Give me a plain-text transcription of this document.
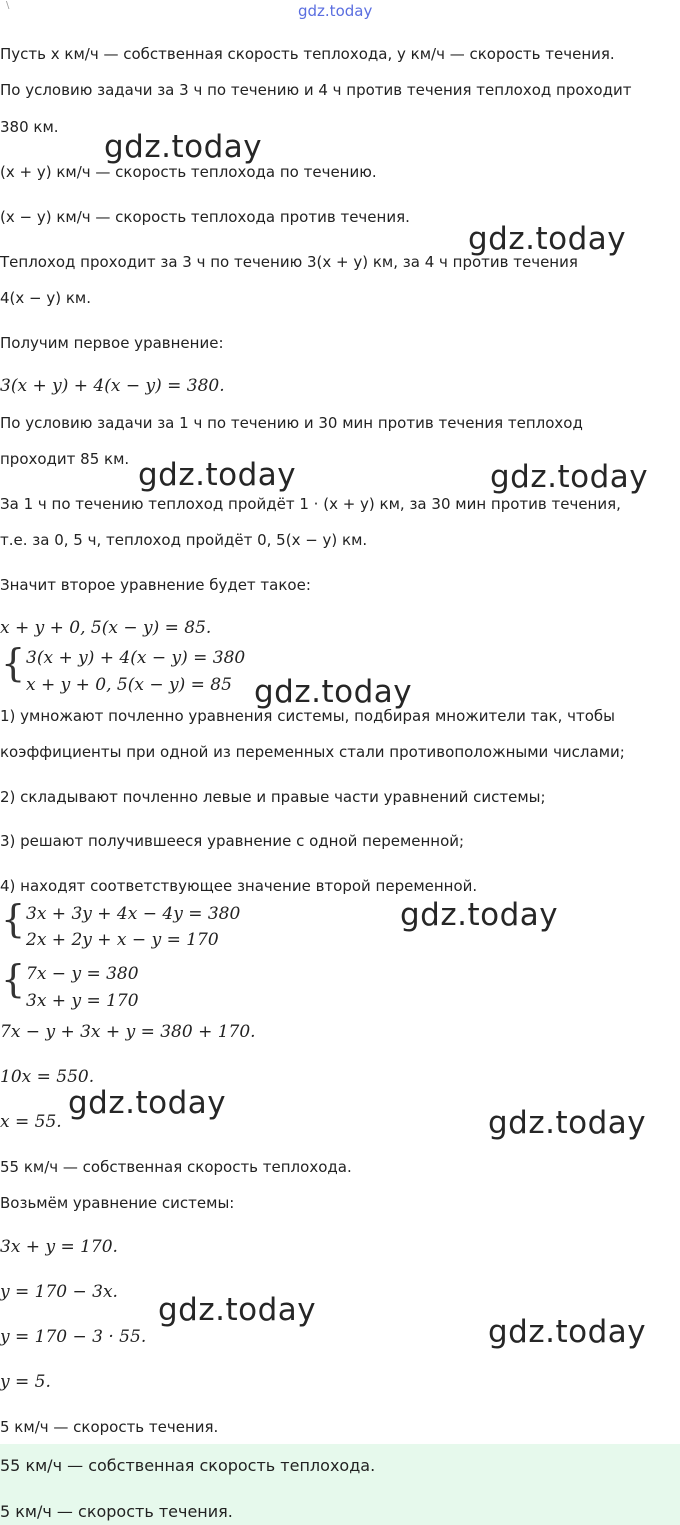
\	gdz.today
Пусть x км/ч — собственная скорость теплохода, y км/ч — скорость течения.
По условию задачи за 3 ч по течению и 4 ч против течения теплоход проходит
380 км.
(x + y) км/ч — скорость теплохода по течению.
(x − y) км/ч — скорость теплохода против течения.
Теплоход проходит за 3 ч по течению 3(x + y) км, за 4 ч против течения
4(x − y) км.
Получим первое уравнение:
3(x + y) + 4(x − y) = 380.
По условию задачи за 1 ч по течению и 30 мин против течения теплоход
проходит 85 км.
За 1 ч по течению теплоход пройдёт 1 · (x + y) км, за 30 мин против течения,
т.е. за 0, 5 ч, теплоход пройдёт 0, 5(x − y) км.
Значит второе уравнение будет такое:
x + y + 0, 5(x − y) = 85.
{ 3(x + y) + 4(x − y) = 380
x + y + 0, 5(x − y) = 85
1) умножают почленно уравнения системы, подбирая множители так, чтобы
коэффициенты при одной из переменных стали противоположными числами;
2) складывают почленно левые и правые части уравнений системы;
3) решают получившееся уравнение с одной переменной;
4) находят соответствующее значение второй переменной.
{ 3x + 3y + 4x − 4y = 380
2x + 2y + x − y = 170
{ 7x − y = 380
3x + y = 170
7x − y + 3x + y = 380 + 170.
10x = 550.
x = 55.
55 км/ч — собственная скорость теплохода.
Возьмём уравнение системы:
3x + y = 170.
y = 170 − 3x.
y = 170 − 3 · 55.
y = 5.
5 км/ч — скорость течения.
55 км/ч — собственная скорость теплохода.
5 км/ч — скорость течения.
gdz.today
gdz.today
gdz.today	gdz.today
gdz.today
gdz.today
gdz.today
gdz.today
gdz.today
gdz.today
